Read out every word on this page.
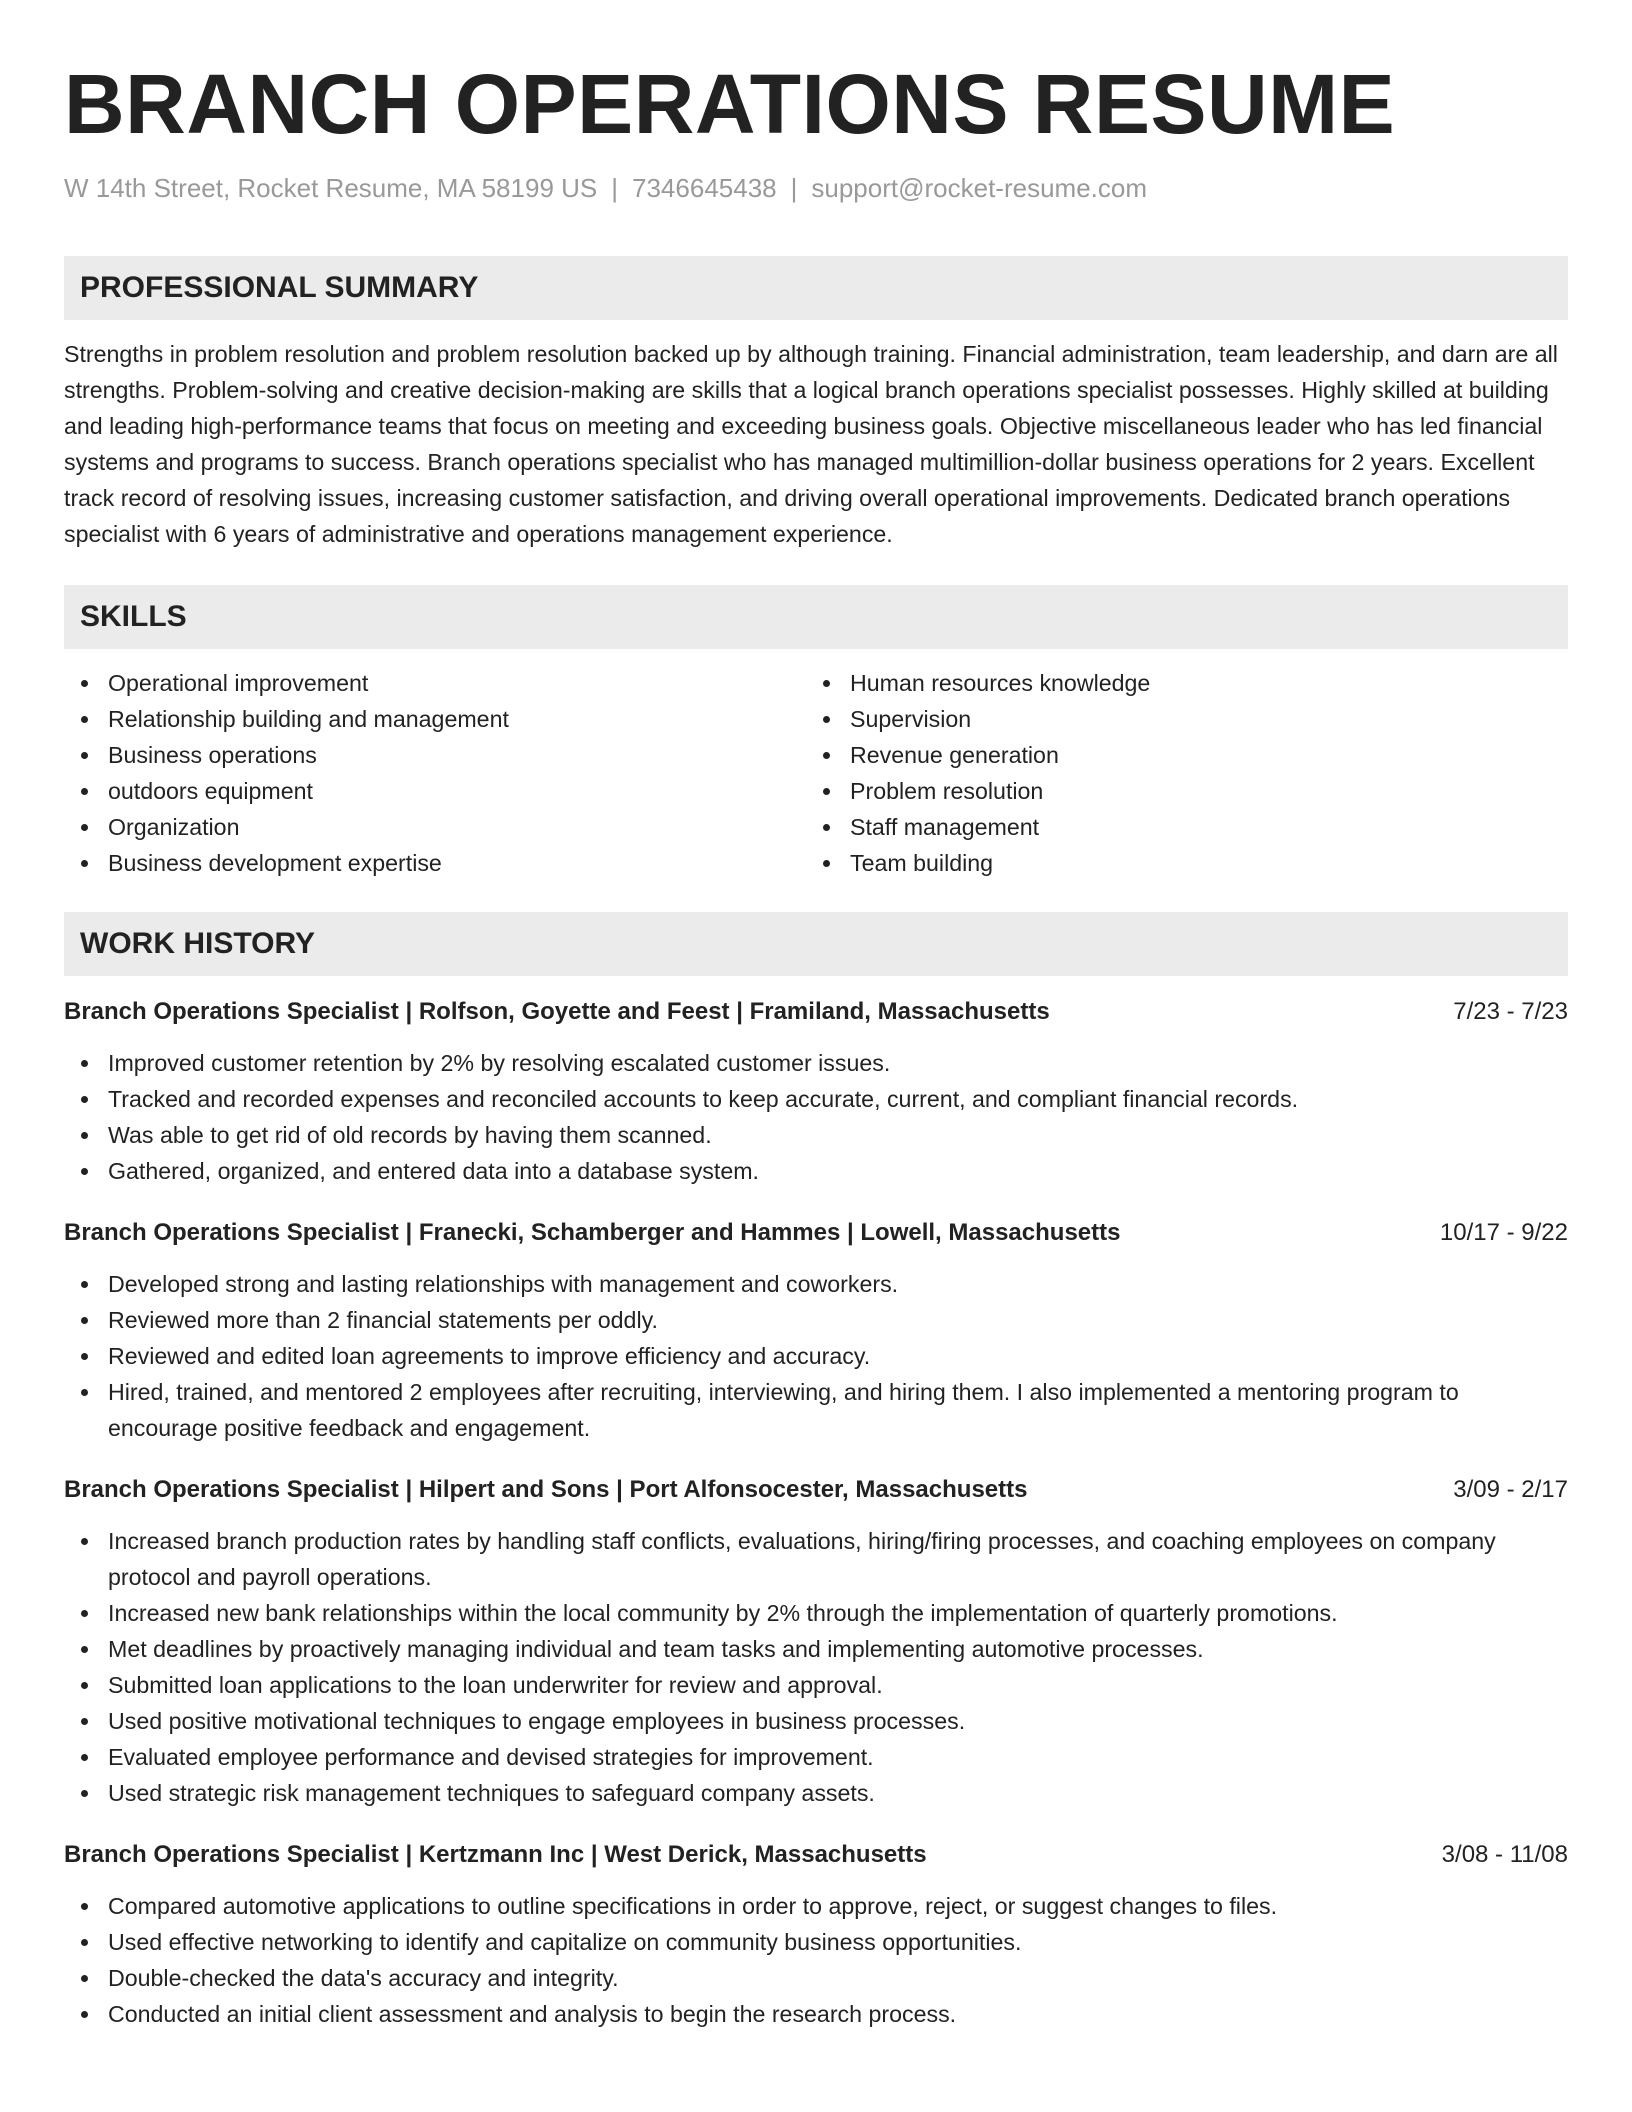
BRANCH OPERATIONS RESUME
W 14th Street, Rocket Resume, MA 58199 US | 7346645438 | support@rocket-resume.com
PROFESSIONAL SUMMARY
Strengths in problem resolution and problem resolution backed up by although training. Financial administration, team leadership, and darn are all strengths. Problem-solving and creative decision-making are skills that a logical branch operations specialist possesses. Highly skilled at building and leading high-performance teams that focus on meeting and exceeding business goals. Objective miscellaneous leader who has led financial systems and programs to success. Branch operations specialist who has managed multimillion-dollar business operations for 2 years. Excellent track record of resolving issues, increasing customer satisfaction, and driving overall operational improvements. Dedicated branch operations specialist with 6 years of administrative and operations management experience.
SKILLS
Operational improvement
Relationship building and management
Business operations
outdoors equipment
Organization
Business development expertise
Human resources knowledge
Supervision
Revenue generation
Problem resolution
Staff management
Team building
WORK HISTORY
Branch Operations Specialist | Rolfson, Goyette and Feest | Framiland, Massachusetts	7/23 - 7/23
Improved customer retention by 2% by resolving escalated customer issues.
Tracked and recorded expenses and reconciled accounts to keep accurate, current, and compliant financial records.
Was able to get rid of old records by having them scanned.
Gathered, organized, and entered data into a database system.
Branch Operations Specialist | Franecki, Schamberger and Hammes | Lowell, Massachusetts	10/17 - 9/22
Developed strong and lasting relationships with management and coworkers.
Reviewed more than 2 financial statements per oddly.
Reviewed and edited loan agreements to improve efficiency and accuracy.
Hired, trained, and mentored 2 employees after recruiting, interviewing, and hiring them. I also implemented a mentoring program to encourage positive feedback and engagement.
Branch Operations Specialist | Hilpert and Sons | Port Alfonsocester, Massachusetts	3/09 - 2/17
Increased branch production rates by handling staff conflicts, evaluations, hiring/firing processes, and coaching employees on company protocol and payroll operations.
Increased new bank relationships within the local community by 2% through the implementation of quarterly promotions.
Met deadlines by proactively managing individual and team tasks and implementing automotive processes.
Submitted loan applications to the loan underwriter for review and approval.
Used positive motivational techniques to engage employees in business processes.
Evaluated employee performance and devised strategies for improvement.
Used strategic risk management techniques to safeguard company assets.
Branch Operations Specialist | Kertzmann Inc | West Derick, Massachusetts	3/08 - 11/08
Compared automotive applications to outline specifications in order to approve, reject, or suggest changes to files.
Used effective networking to identify and capitalize on community business opportunities.
Double-checked the data's accuracy and integrity.
Conducted an initial client assessment and analysis to begin the research process.
